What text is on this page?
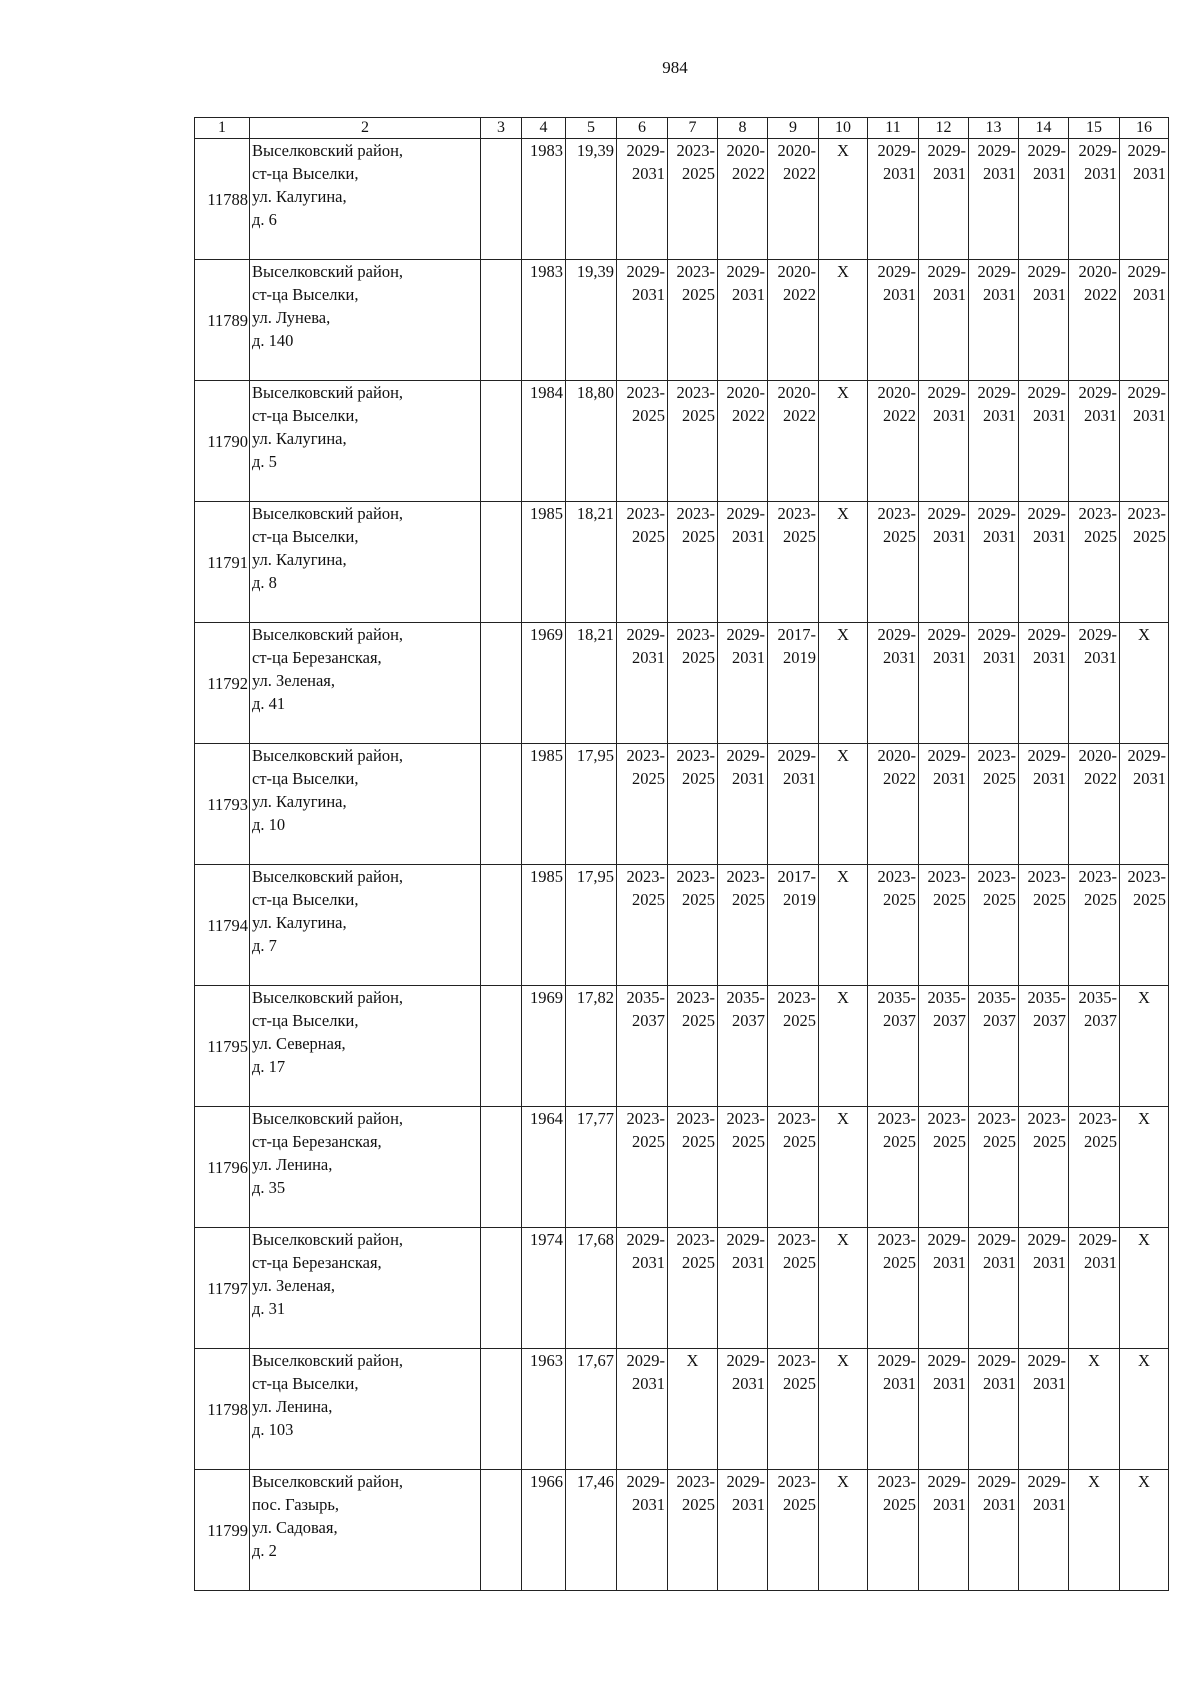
984
1	2	3	4	5	6	7	8	9	10	11	12	13	14	15	16
11788	Выселковский район,
ст-ца Выселки,
ул. Калугина,
д. 6		1983	19,39	2029-
2031	2023-
2025	2020-
2022	2020-
2022	Х	2029-
2031	2029-
2031	2029-
2031	2029-
2031	2029-
2031	2029-
2031

11789	Выселковский район,
ст-ца Выселки,
ул. Лунева,
д. 140		1983	19,39	2029-
2031	2023-
2025	2029-
2031	2020-
2022	Х	2029-
2031	2029-
2031	2029-
2031	2029-
2031	2020-
2022	2029-
2031

11790	Выселковский район,
ст-ца Выселки,
ул. Калугина,
д. 5		1984	18,80	2023-
2025	2023-
2025	2020-
2022	2020-
2022	Х	2020-
2022	2029-
2031	2029-
2031	2029-
2031	2029-
2031	2029-
2031

11791	Выселковский район,
ст-ца Выселки,
ул. Калугина,
д. 8		1985	18,21	2023-
2025	2023-
2025	2029-
2031	2023-
2025	Х	2023-
2025	2029-
2031	2029-
2031	2029-
2031	2023-
2025	2023-
2025

11792	Выселковский район,
ст-ца Березанская,
ул. Зеленая,
д. 41		1969	18,21	2029-
2031	2023-
2025	2029-
2031	2017-
2019	Х	2029-
2031	2029-
2031	2029-
2031	2029-
2031	2029-
2031	Х
11793	Выселковский район,
ст-ца Выселки,
ул. Калугина,
д. 10		1985	17,95	2023-
2025	2023-
2025	2029-
2031	2029-
2031	Х	2020-
2022	2029-
2031	2023-
2025	2029-
2031	2020-
2022	2029-
2031

11794	Выселковский район,
ст-ца Выселки,
ул. Калугина,
д. 7		1985	17,95	2023-
2025	2023-
2025	2023-
2025	2017-
2019	Х	2023-
2025	2023-
2025	2023-
2025	2023-
2025	2023-
2025	2023-
2025

11795	Выселковский район,
ст-ца Выселки,
ул. Северная,
д. 17		1969	17,82	2035-
2037	2023-
2025	2035-
2037	2023-
2025	Х	2035-
2037	2035-
2037	2035-
2037	2035-
2037	2035-
2037	Х
11796	Выселковский район,
ст-ца Березанская,
ул. Ленина,
д. 35		1964	17,77	2023-
2025	2023-
2025	2023-
2025	2023-
2025	Х	2023-
2025	2023-
2025	2023-
2025	2023-
2025	2023-
2025	Х
11797	Выселковский район,
ст-ца Березанская,
ул. Зеленая,
д. 31		1974	17,68	2029-
2031	2023-
2025	2029-
2031	2023-
2025	Х	2023-
2025	2029-
2031	2029-
2031	2029-
2031	2029-
2031	Х
11798	Выселковский район,
ст-ца Выселки,
ул. Ленина,
д. 103		1963	17,67	2029-
2031	Х	2029-
2031	2023-
2025	Х	2029-
2031	2029-
2031	2029-
2031	2029-
2031	Х	Х
11799	Выселковский район,
пос. Газырь,
ул. Садовая,
д. 2		1966	17,46	2029-
2031	2023-
2025	2029-
2031	2023-
2025	Х	2023-
2025	2029-
2031	2029-
2031	2029-
2031	Х	Х
